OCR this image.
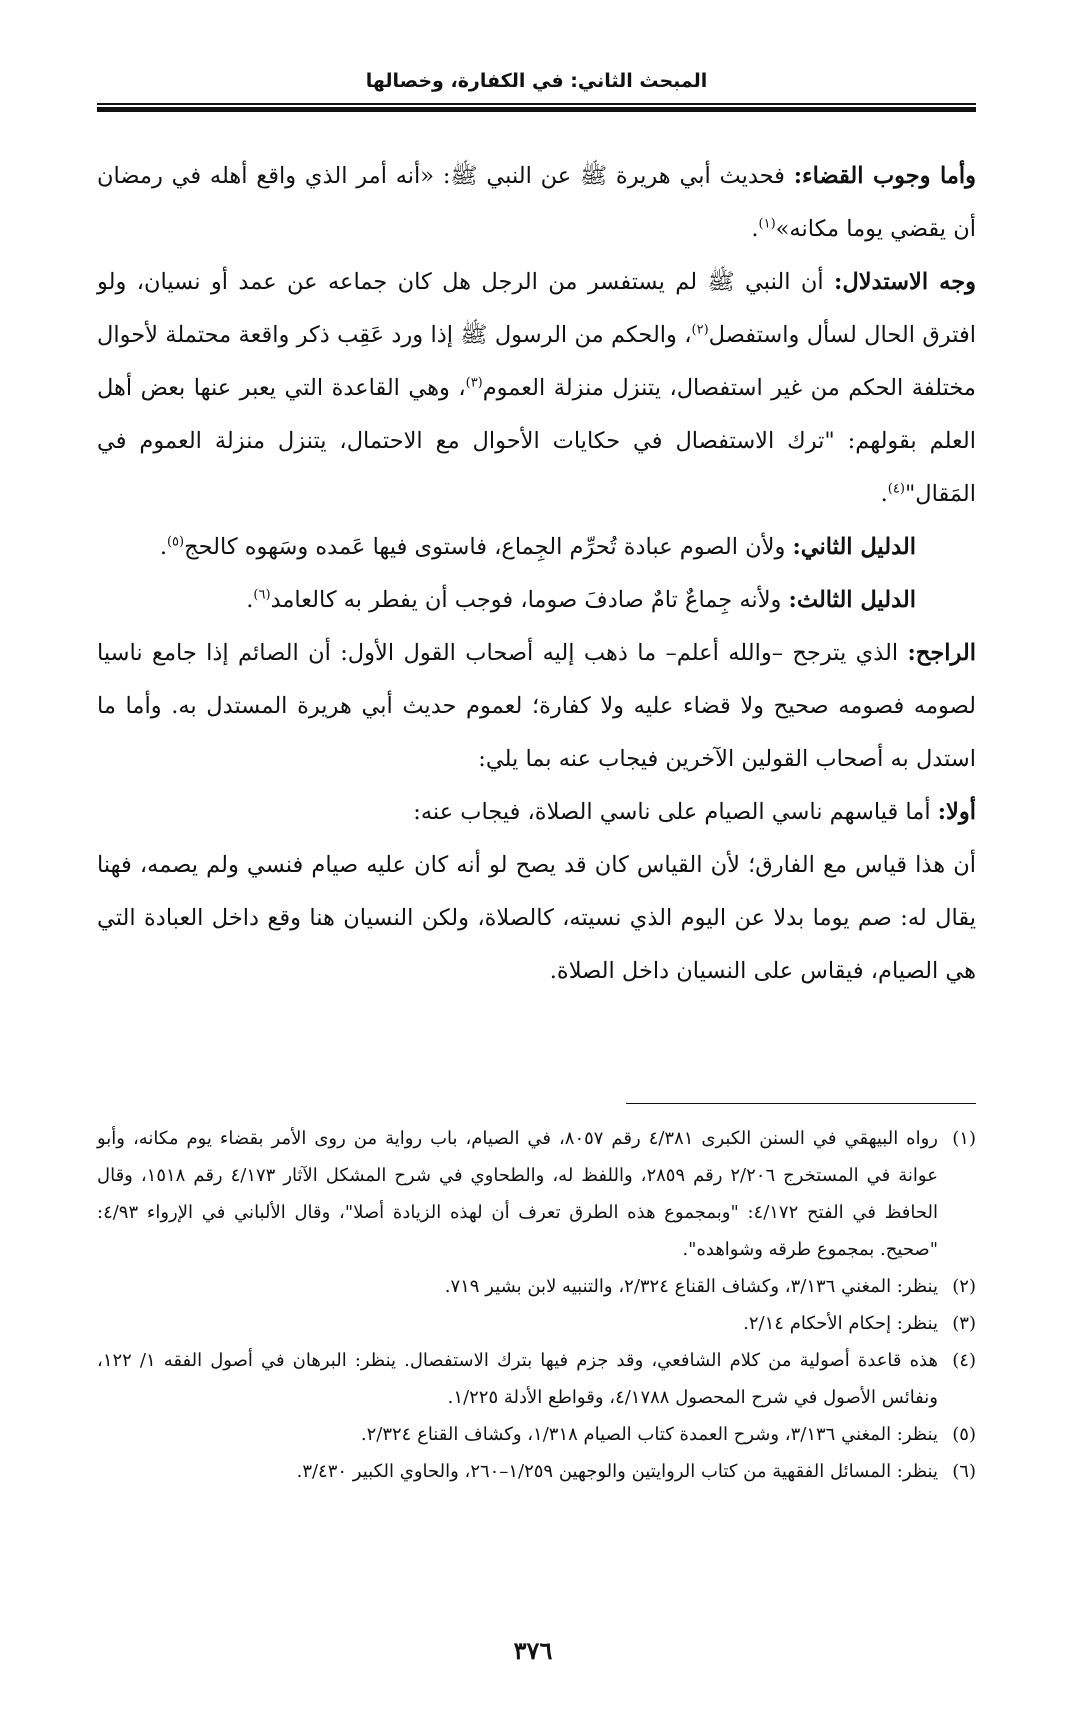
المبحث الثاني: في الكفارة، وخصالها

وأما وجوب القضاء: فحديث أبي هريرة ﷺ عن النبي ﷺ: «أنه أمر الذي واقع أهله في رمضان أن يقضي يوما مكانه»$^{(١)}$.

وجه الاستدلال: أن النبي ﷺ لم يستفسر من الرجل هل كان جماعه عن عمد أو نسيان، ولو افترق الحال لسأل واستفصل$^{(٢)}$، والحكم من الرسول ﷺ إذا ورد عَقِب ذكر واقعة محتملة لأحوال مختلفة الحكم من غير استفصال، يتنزل منزلة العموم$^{(٣)}$، وهي القاعدة التي يعبر عنها بعض أهل العلم بقولهم: "ترك الاستفصال في حكايات الأحوال مع الاحتمال، يتنزل منزلة العموم في المَقال"$^{(٤)}$.

الدليل الثاني: ولأن الصوم عبادة تُحرِّم الجِماع، فاستوى فيها عَمده وسَهوه كالحج$^{(٥)}$.

الدليل الثالث: ولأنه جِماعٌ تامٌ صادفَ صوما، فوجب أن يفطر به كالعامد$^{(٦)}$.

الراجح: الذي يترجح –والله أعلم– ما ذهب إليه أصحاب القول الأول: أن الصائم إذا جامع ناسيا لصومه فصومه صحيح ولا قضاء عليه ولا كفارة؛ لعموم حديث أبي هريرة المستدل به. وأما ما استدل به أصحاب القولين الآخرين فيجاب عنه بما يلي:

أولا: أما قياسهم ناسي الصيام على ناسي الصلاة، فيجاب عنه:

أن هذا قياس مع الفارق؛ لأن القياس كان قد يصح لو أنه كان عليه صيام فنسي ولم يصمه، فهنا يقال له: صم يوما بدلا عن اليوم الذي نسيته، كالصلاة، ولكن النسيان هنا وقع داخل العبادة التي هي الصيام، فيقاس على النسيان داخل الصلاة.

(١)رواه البيهقي في السنن الكبرى ٤/٣٨١ رقم ٨٠٥٧، في الصيام، باب رواية من روى الأمر بقضاء يوم مكانه، وأبو عوانة في المستخرج ٢/٢٠٦ رقم ٢٨٥٩، واللفظ له، والطحاوي في شرح المشكل الآثار ٤/١٧٣ رقم ١٥١٨، وقال الحافظ في الفتح ٤/١٧٢: "وبمجموع هذه الطرق تعرف أن لهذه الزيادة أصلا"، وقال الألباني في الإرواء ٤/٩٣: "صحيح. بمجموع طرقه وشواهده".

(٢)ينظر: المغني ٣/١٣٦، وكشاف القناع ٢/٣٢٤، والتنبيه لابن بشير ٧١٩.

(٣)ينظر: إحكام الأحكام ٢/١٤.

(٤)هذه قاعدة أصولية من كلام الشافعي، وقد جزم فيها بترك الاستفصال. ينظر: البرهان في أصول الفقه ١/ ١٢٢، ونفائس الأصول في شرح المحصول ٤/١٧٨٨، وقواطع الأدلة ١/٢٢٥.

(٥)ينظر: المغني ٣/١٣٦، وشرح العمدة كتاب الصيام ١/٣١٨، وكشاف القناع ٢/٣٢٤.

(٦)ينظر: المسائل الفقهية من كتاب الروايتين والوجهين ١/٢٥٩–٢٦٠، والحاوي الكبير ٣/٤٣٠.

٣٧٦
